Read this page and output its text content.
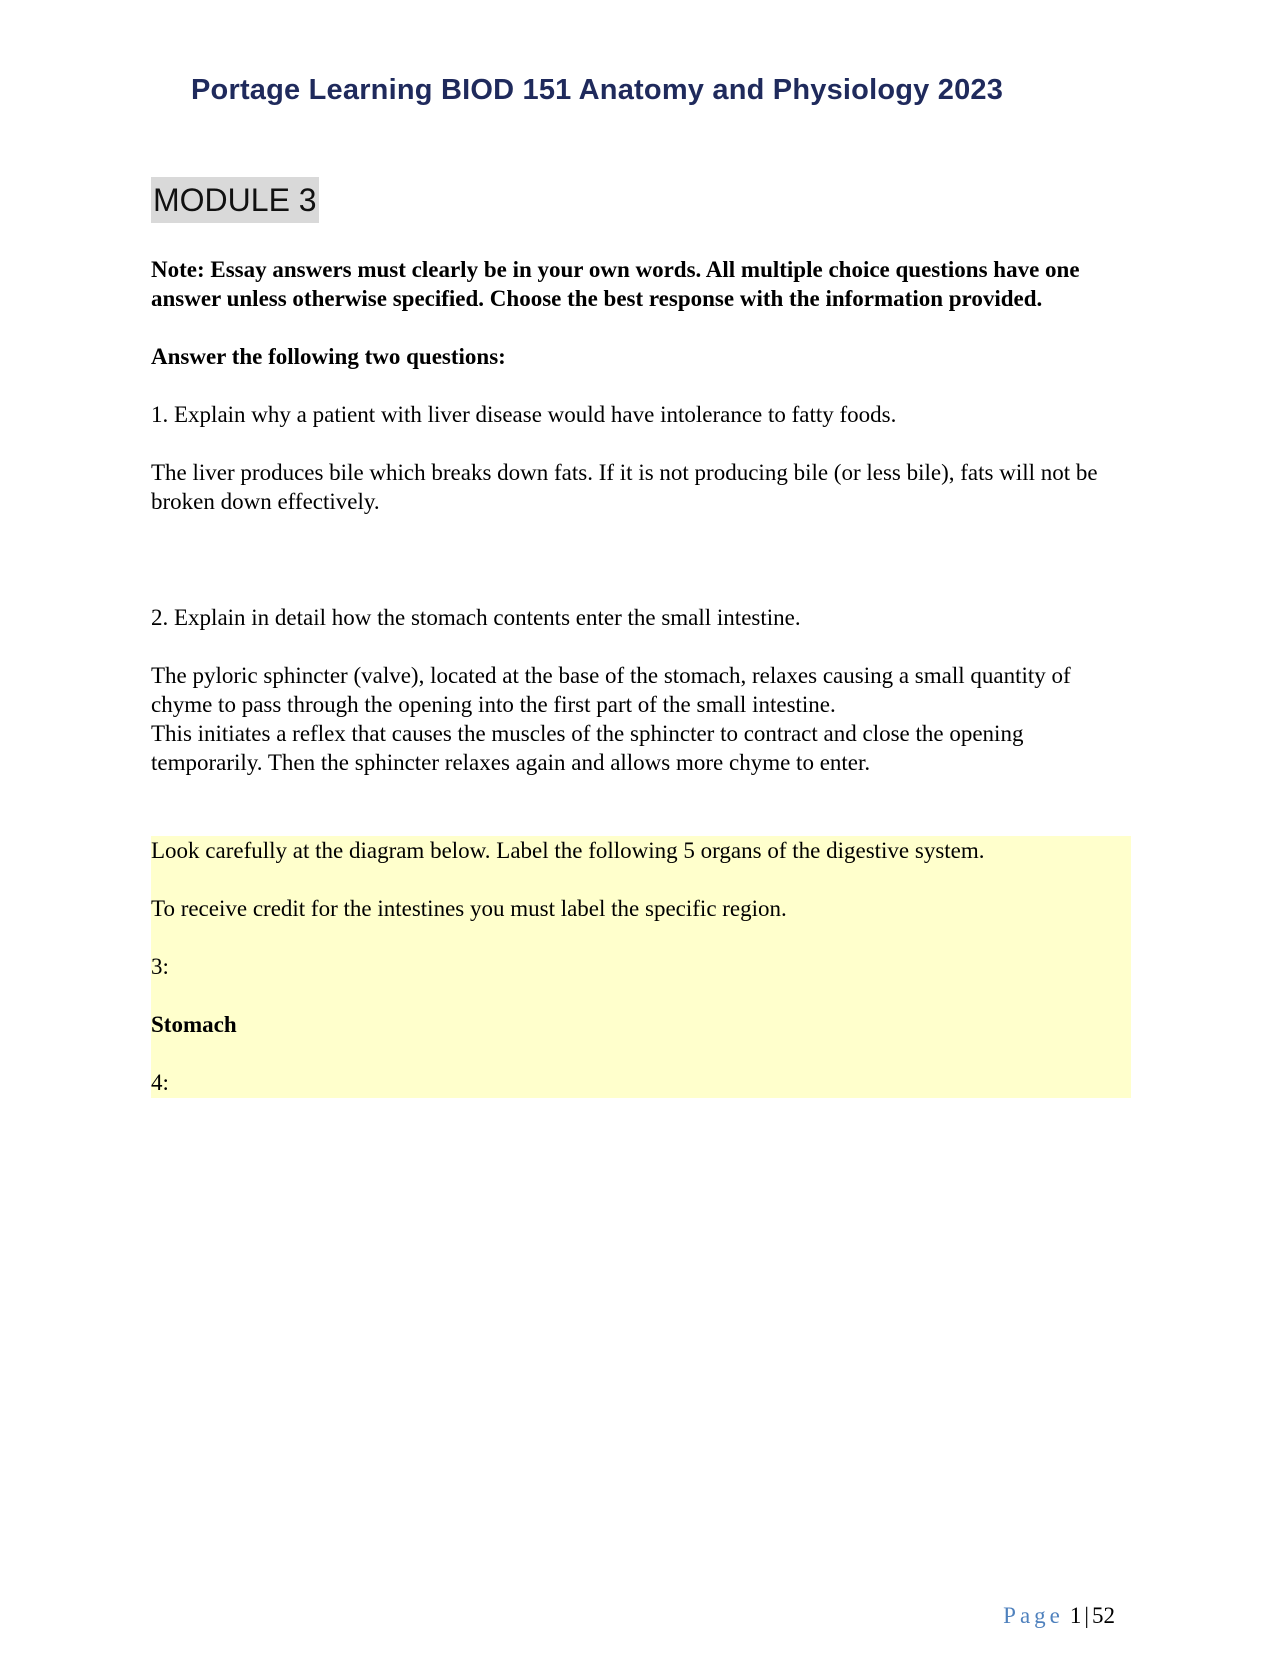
Portage Learning BIOD 151 Anatomy and Physiology 2023
MODULE 3

Note: Essay answers must clearly be in your own words. All multiple choice questions have one answer unless otherwise specified. Choose the best response with the information provided.

Answer the following two questions:

1. Explain why a patient with liver disease would have intolerance to fatty foods.

The liver produces bile which breaks down fats. If it is not producing bile (or less bile), fats will not be broken down effectively.

2. Explain in detail how the stomach contents enter the small intestine.

The pyloric sphincter (valve), located at the base of the stomach, relaxes causing a small quantity of chyme to pass through the opening into the first part of the small intestine.

This initiates a reflex that causes the muscles of the sphincter to contract and close the opening temporarily. Then the sphincter relaxes again and allows more chyme to enter.

Look carefully at the diagram below. Label the following 5 organs of the digestive system.

To receive credit for the intestines you must label the specific region.

3:

Stomach

4:

Page 1 | 52
